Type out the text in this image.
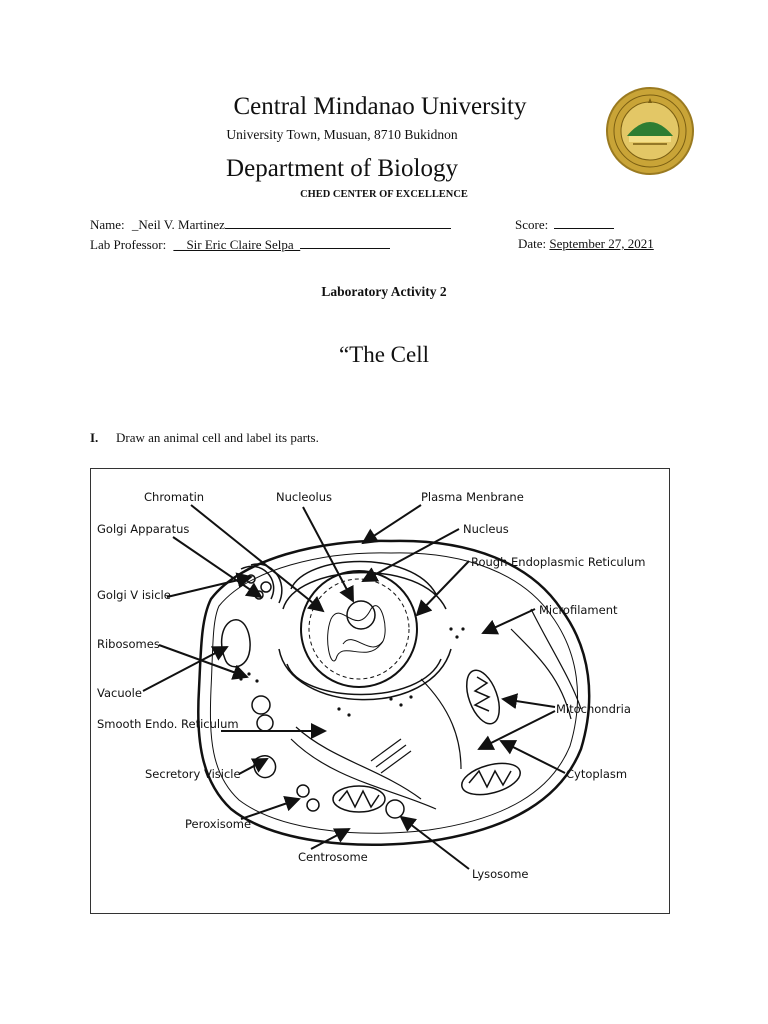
Central Mindanao University
University Town, Musuan, 8710 Bukidnon
Department of Biology
CHED CENTER OF EXCELLENCE
Name: _Neil V. Martinez	Score:
Lab Professor: __Sir Eric Claire Selpa_	Date: September 27, 2021
Laboratory Activity 2
“The Cell
I. Draw an animal cell and label its parts.
Chromatin	Nucleolus	Plasma Menbrane
Golgi Apparatus	Nucleus
Rough Endoplasmic Reticulum
Golgi V isicle
Microfilament
Ribosomes
Vacuole
Mitochondria
Smooth Endo. Reticulum
Secretory Visicle	Cytoplasm
Peroxisome
Centrosome
Lysosome
